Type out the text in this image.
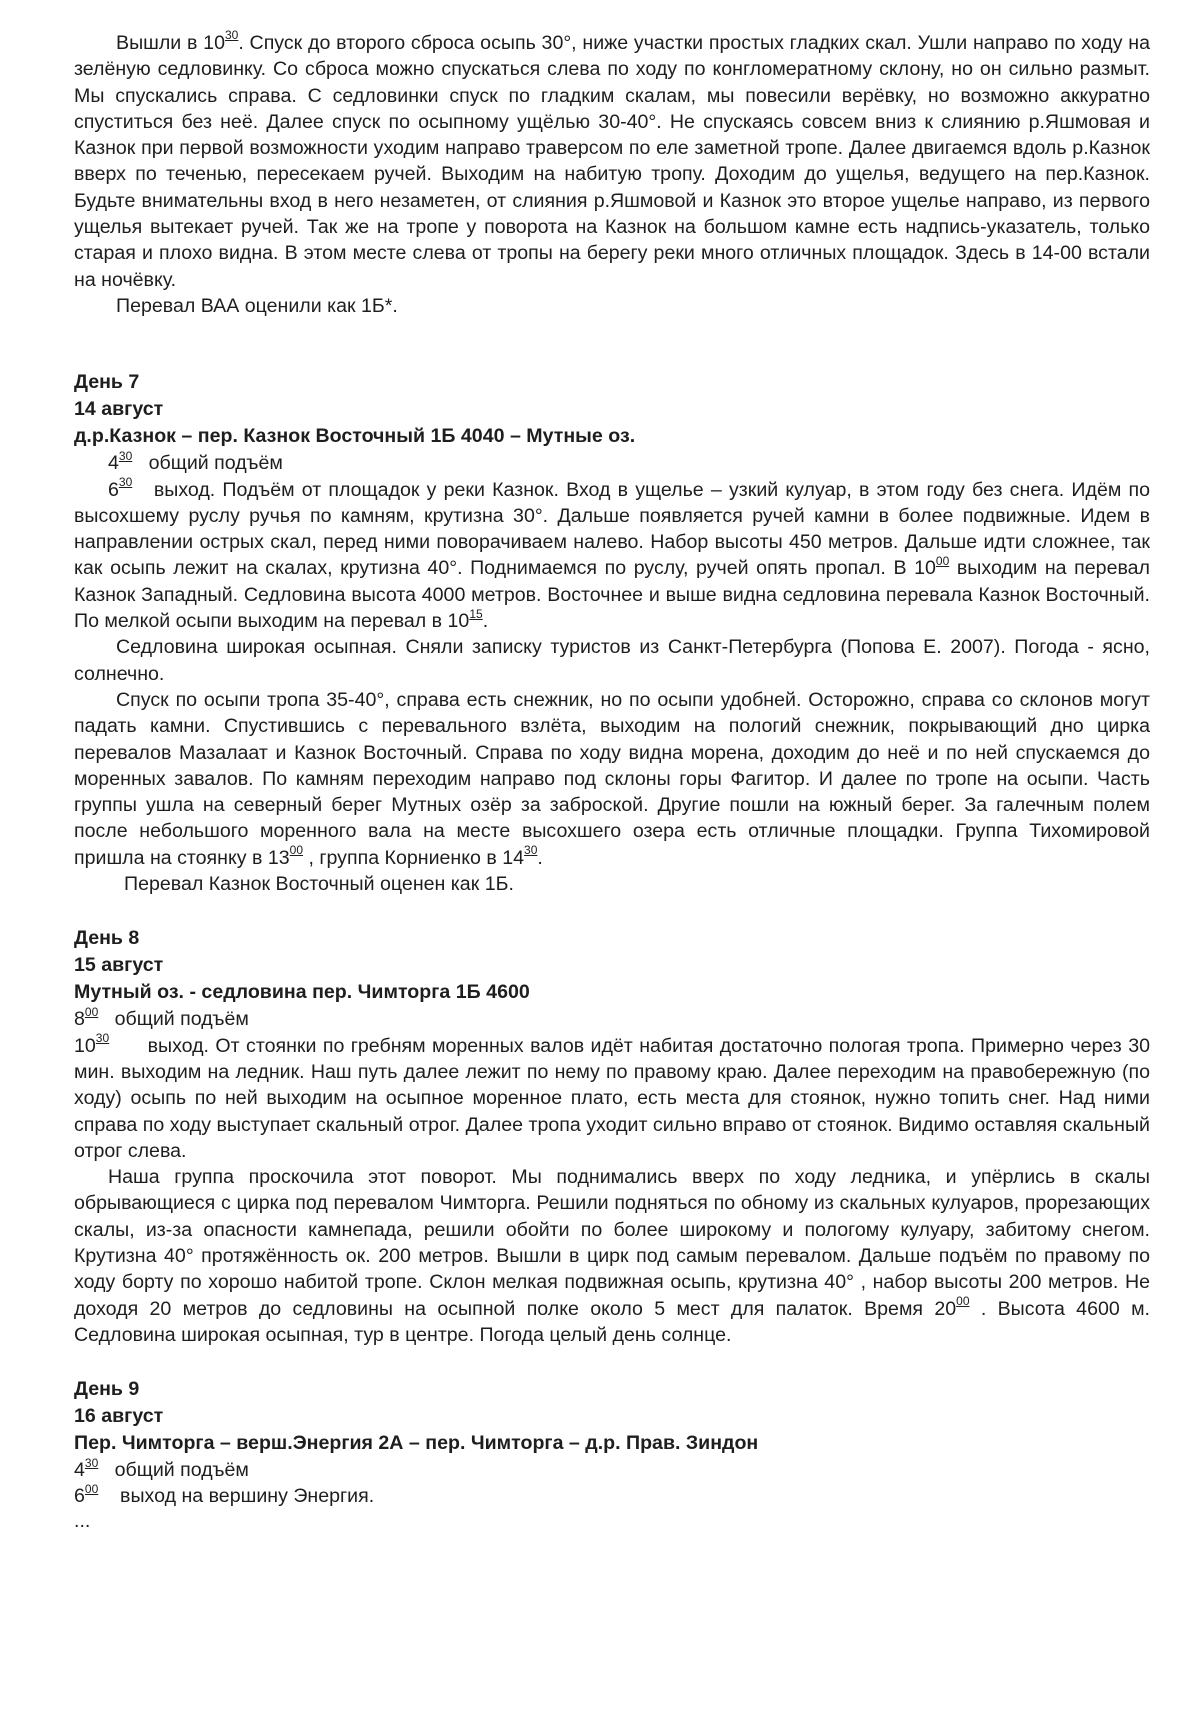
Вышли в $10^{30}$. Спуск до второго сброса осыпь 30°, ниже участки простых гладких скал. Ушли направо по ходу на зелёную седловинку. Со сброса можно спускаться слева по ходу по конгломератному склону, но он сильно размыт. Мы спускались справа. С седловинки спуск по гладким скалам, мы повесили верёвку, но возможно аккуратно спуститься без неё. Далее спуск по осыпному ущёлью 30-40°. Не спускаясь совсем вниз к слиянию р.Яшмовая и Казнок при первой возможности уходим направо траверсом по еле заметной тропе. Далее двигаемся вдоль р.Казнок вверх по теченью, пересекаем ручей. Выходим на набитую тропу. Доходим до ущелья, ведущего на пер.Казнок. Будьте внимательны вход в него незаметен, от слияния р.Яшмовой и Казнок это второе ущелье направо, из первого ущелья вытекает ручей. Так же на тропе у поворота на Казнок на большом камне есть надпись-указатель, только старая и плохо видна. В этом месте слева от тропы на берегу реки много отличных площадок. Здесь в 14-00 встали на ночёвку.

Перевал ВАА оценили как 1Б*.

День 7

14 август

д.р.Казнок – пер. Казнок Восточный 1Б 4040 – Мутные оз.

$4^{30}$ общий подъём

$6^{30}$ выход. Подъём от площадок у реки Казнок. Вход в ущелье – узкий кулуар, в этом году без снега. Идём по высохшему руслу ручья по камням, крутизна 30°. Дальше появляется ручей камни в более подвижные. Идем в направлении острых скал, перед ними поворачиваем налево. Набор высоты 450 метров. Дальше идти сложнее, так как осыпь лежит на скалах, крутизна 40°. Поднимаемся по руслу, ручей опять пропал. В $10^{00}$ выходим на перевал Казнок Западный. Седловина высота 4000 метров. Восточнее и выше видна седловина перевала Казнок Восточный. По мелкой осыпи выходим на перевал в $10^{15}$.

Седловина широкая осыпная. Сняли записку туристов из Санкт-Петербурга (Попова Е. 2007). Погода - ясно, солнечно.

Спуск по осыпи тропа 35-40°, справа есть снежник, но по осыпи удобней. Осторожно, справа со склонов могут падать камни. Спустившись с перевального взлёта, выходим на пологий снежник, покрывающий дно цирка перевалов Мазалаат и Казнок Восточный. Справа по ходу видна морена, доходим до неё и по ней спускаемся до моренных завалов. По камням переходим направо под склоны горы Фагитор. И далее по тропе на осыпи. Часть группы ушла на северный берег Мутных озёр за заброской. Другие пошли на южный берег. За галечным полем после небольшого моренного вала на месте высохшего озера есть отличные площадки. Группа Тихомировой пришла на стоянку в $13^{00}$ , группа Корниенко в $14^{30}$.

Перевал Казнок Восточный оценен как 1Б.

День 8

15 август

Мутный оз. - седловина пер. Чимторга 1Б 4600

$8^{00}$ общий подъём

$10^{30}$ выход. От стоянки по гребням моренных валов идёт набитая достаточно пологая тропа. Примерно через 30 мин. выходим на ледник. Наш путь далее лежит по нему по правому краю. Далее переходим на правобережную (по ходу) осыпь по ней выходим на осыпное моренное плато, есть места для стоянок, нужно топить снег. Над ними справа по ходу выступает скальный отрог. Далее тропа уходит сильно вправо от стоянок. Видимо оставляя скальный отрог слева.

Наша группа проскочила этот поворот. Мы поднимались вверх по ходу ледника, и упёрлись в скалы обрывающиеся с цирка под перевалом Чимторга. Решили подняться по обному из скальных кулуаров, прорезающих скалы, из-за опасности камнепада, решили обойти по более широкому и пологому кулуару, забитому снегом. Крутизна 40° протяжённость ок. 200 метров. Вышли в цирк под самым перевалом. Дальше подъём по правому по ходу борту по хорошо набитой тропе. Склон мелкая подвижная осыпь, крутизна 40° , набор высоты 200 метров. Не доходя 20 метров до седловины на осыпной полке около 5 мест для палаток. Время $20^{00}$ . Высота 4600 м. Седловина широкая осыпная, тур в центре. Погода целый день солнце.

День 9

16 август

Пер. Чимторга – верш.Энергия 2А – пер. Чимторга – д.р. Прав. Зиндон

$4^{30}$ общий подъём

$6^{00}$ выход на вершину Энергия.

...
